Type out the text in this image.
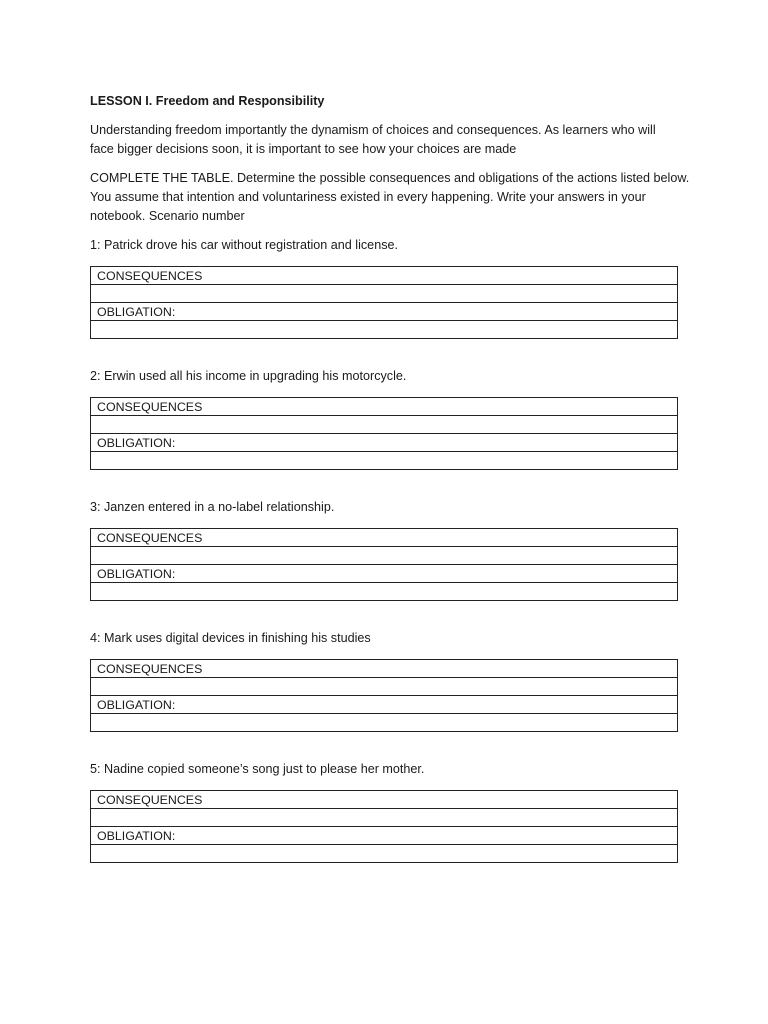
LESSON I. Freedom and Responsibility
Understanding freedom importantly the dynamism of choices and consequences. As learners who will
face bigger decisions soon, it is important to see how your choices are made
COMPLETE THE TABLE. Determine the possible consequences and obligations of the actions listed below.
You assume that intention and voluntariness existed in every happening. Write your answers in your
notebook. Scenario number
1: Patrick drove his car without registration and license.
CONSEQUENCES

OBLIGATION:

2: Erwin used all his income in upgrading his motorcycle.
CONSEQUENCES

OBLIGATION:

3: Janzen entered in a no-label relationship.
CONSEQUENCES

OBLIGATION:

4: Mark uses digital devices in finishing his studies
CONSEQUENCES

OBLIGATION:

5: Nadine copied someone’s song just to please her mother.
CONSEQUENCES

OBLIGATION:
